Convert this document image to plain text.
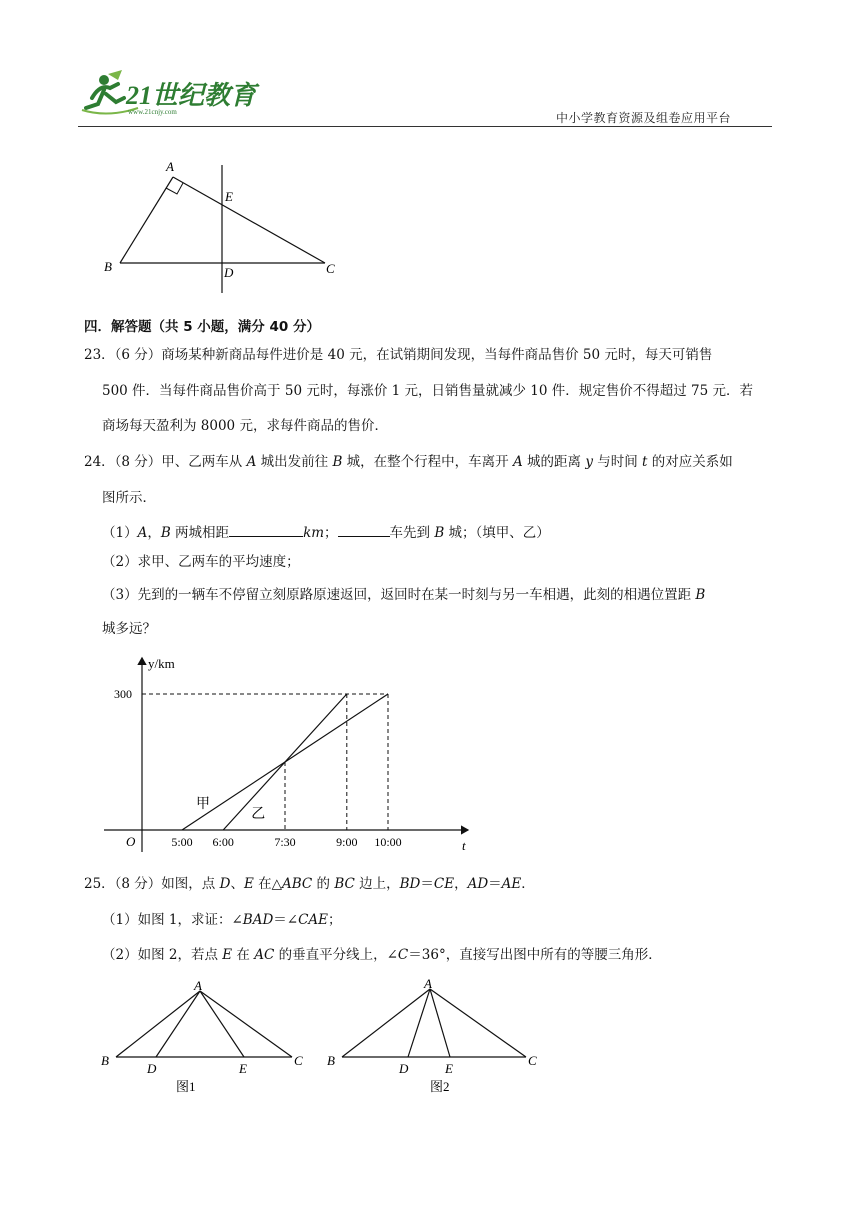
21世纪教育
www.21cnjy.com	中小学教育资源及组卷应用平台
A
B	C
D
E
四．解答题（共 5 小题，满分 40 分）
23．（6 分）商场某种新商品每件进价是 40 元，在试销期间发现，当每件商品售价 50 元时，每天可销售
500 件．当每件商品售价高于 50 元时，每涨价 1 元，日销售量就减少 10 件．规定售价不得超过 75 元．若
商场每天盈利为 8000 元，求每件商品的售价．
24．（8 分）甲、乙两车从 A 城出发前往 B 城，在整个行程中，车离开 A 城的距离 y 与时间 t 的对应关系如
图所示．
（1）A，B 两城相距	km；	车先到 B 城；（填甲、乙）
（2）求甲、乙两车的平均速度；
（3）先到的一辆车不停留立刻原路原速返回，返回时在某一时刻与另一车相遇，此刻的相遇位置距 B
城多远？
y/km
t
O	5:00 6:00	7:30	9:00 10:00
300
甲
乙
25．（8 分）如图，点 D、E 在△ABC 的 BC 边上，BD＝CE，AD＝AE．
（1）如图 1，求证：∠BAD＝∠CAE；
（2）如图 2，若点 E 在 AC 的垂直平分线上，∠C＝36°，直接写出图中所有的等腰三角形．
A
B	C
D	E
图1
A
B	C
D	E
图2
